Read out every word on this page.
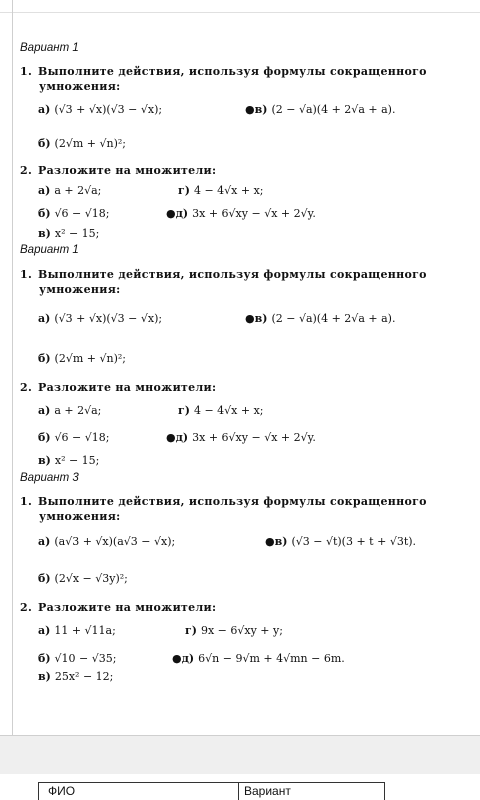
Вариант 1
1. Выполните действия, используя формулы сокращенного
умножения:
а) (√3 + √x)(√3 − √x);	●в) (2 − √a)(4 + 2√a + a).
б) (2√m + √n)²;
2. Разложите на множители:
а) a + 2√a;	г) 4 − 4√x + x;
б) √6 − √18;	●д) 3x + 6√xy − √x + 2√y.
в) x² − 15;
Вариант 1
1. Выполните действия, используя формулы сокращенного
умножения:
а) (√3 + √x)(√3 − √x);	●в) (2 − √a)(4 + 2√a + a).
б) (2√m + √n)²;
2. Разложите на множители:
а) a + 2√a;	г) 4 − 4√x + x;
б) √6 − √18;	●д) 3x + 6√xy − √x + 2√y.
в) x² − 15;
Вариант 3
1. Выполните действия, используя формулы сокращенного
умножения:
а) (a√3 + √x)(a√3 − √x);	●в) (√3 − √t)(3 + t + √3t).
б) (2√x − √3y)²;
2. Разложите на множители:
а) 11 + √11a;	г) 9x − 6√xy + y;
б) √10 − √35;	●д) 6√n − 9√m + 4√mn − 6m.
в) 25x² − 12;
ФИО	Вариант
